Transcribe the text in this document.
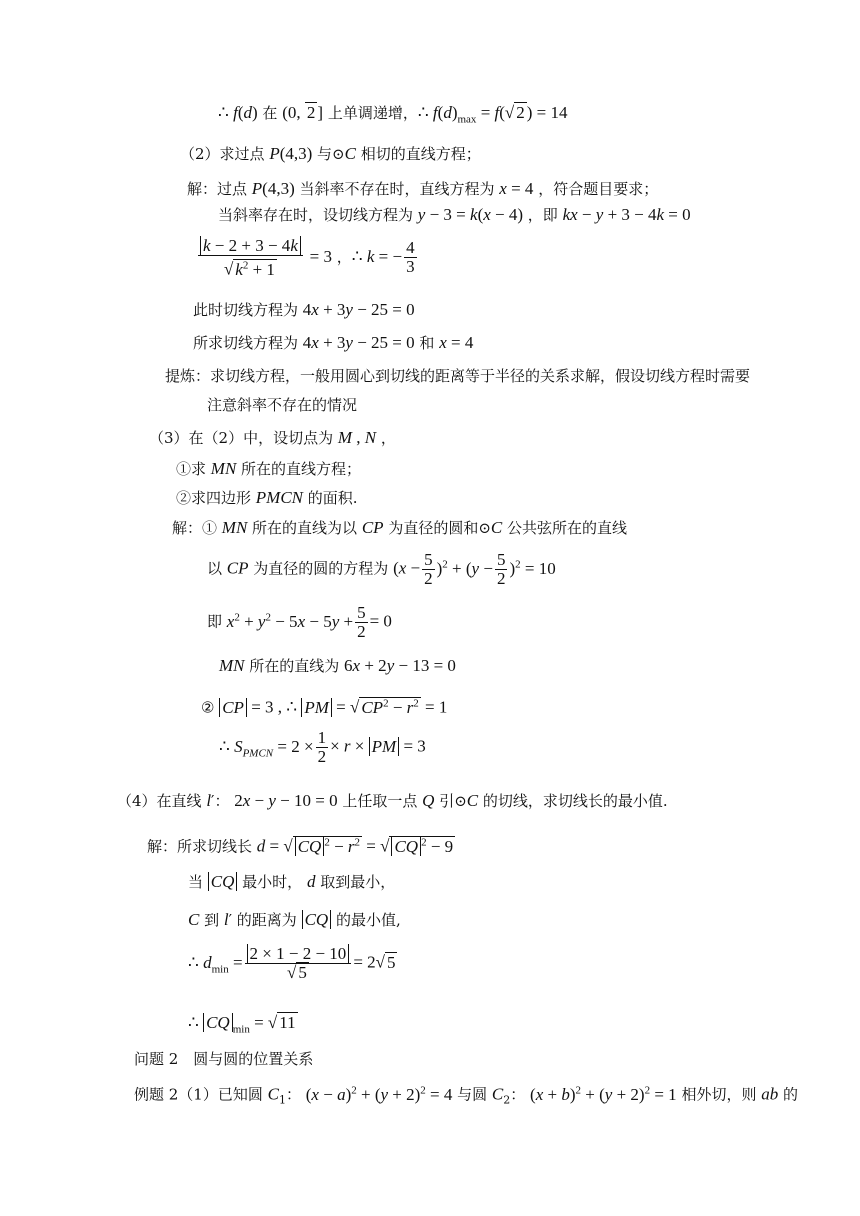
∴ f(d) 在 (0, 2 ] 上单调递增，∴ $f(d)_{max} = f(√$ 2 ) = 14
（2）求过点 P(4,3) 与⊙C 相切的直线方程；
解：过点 P(4,3) 当斜率不存在时，直线方程为 x = 4 ，符合题目要求；
当斜率存在时，设切线方程为 y − 3 = k(x − 4) ，即 kx − y + 3 − 4k = 0
$\frac{k - 2 + 3 - 4k}{√ k^2 + 1} = 3$ ，∴ k = − $\frac{4}{3}$
此时切线方程为 4x + 3y − 25 = 0
所求切线方程为 4x + 3y − 25 = 0 和 x = 4
提炼：求切线方程，一般用圆心到切线的距离等于半径的关系求解，假设切线方程时需要
注意斜率不存在的情况
（3）在（2）中，设切点为 M , N ，
①求 MN 所在的直线方程；
②求四边形 PMCN 的面积.
解：① MN 所在的直线为以 CP 为直径的圆和⊙C 公共弦所在的直线
以 CP 为直径的圆的方程为 $(x - \frac{5}{2} )^2 + (y - \frac{5}{2} )^2 = 10$
即 $x^2 + y^2 - 5x - 5y + \frac{5}{2} = 0$
MN 所在的直线为 6x + 2y − 13 = 0
② CP = 3 , ∴ PM = √ $CP^2 - r^2 = 1$
∴ $S_{PMCN} = 2 \times \frac{1}{2} \times r$ × PM = 3
（4）在直线 l′： 2x − y − 10 = 0 上任取一点 Q 引⊙C 的切线，求切线长的最小值.
解：所求切线长 d = √ CQ $^2 - r^2$ = √ CQ $^2$ − 9
当 CQ 最小时， d 取到最小，
C 到 l′ 的距离为 CQ 的最小值,
∴ $d_{min} = \frac{2 \times 1 - 2 - 10}{√ 5} = 2√$ 5
∴ CQ $_{min}$ = √ 11
问题 2　圆与圆的位置关系
例题 2（1）已知圆 $C_1$： $(x - a)^2 + (y + 2)^2 = 4$ 与圆 $C_2$： $(x + b)^2 + (y + 2)^2 = 1$ 相外切，则 ab 的
